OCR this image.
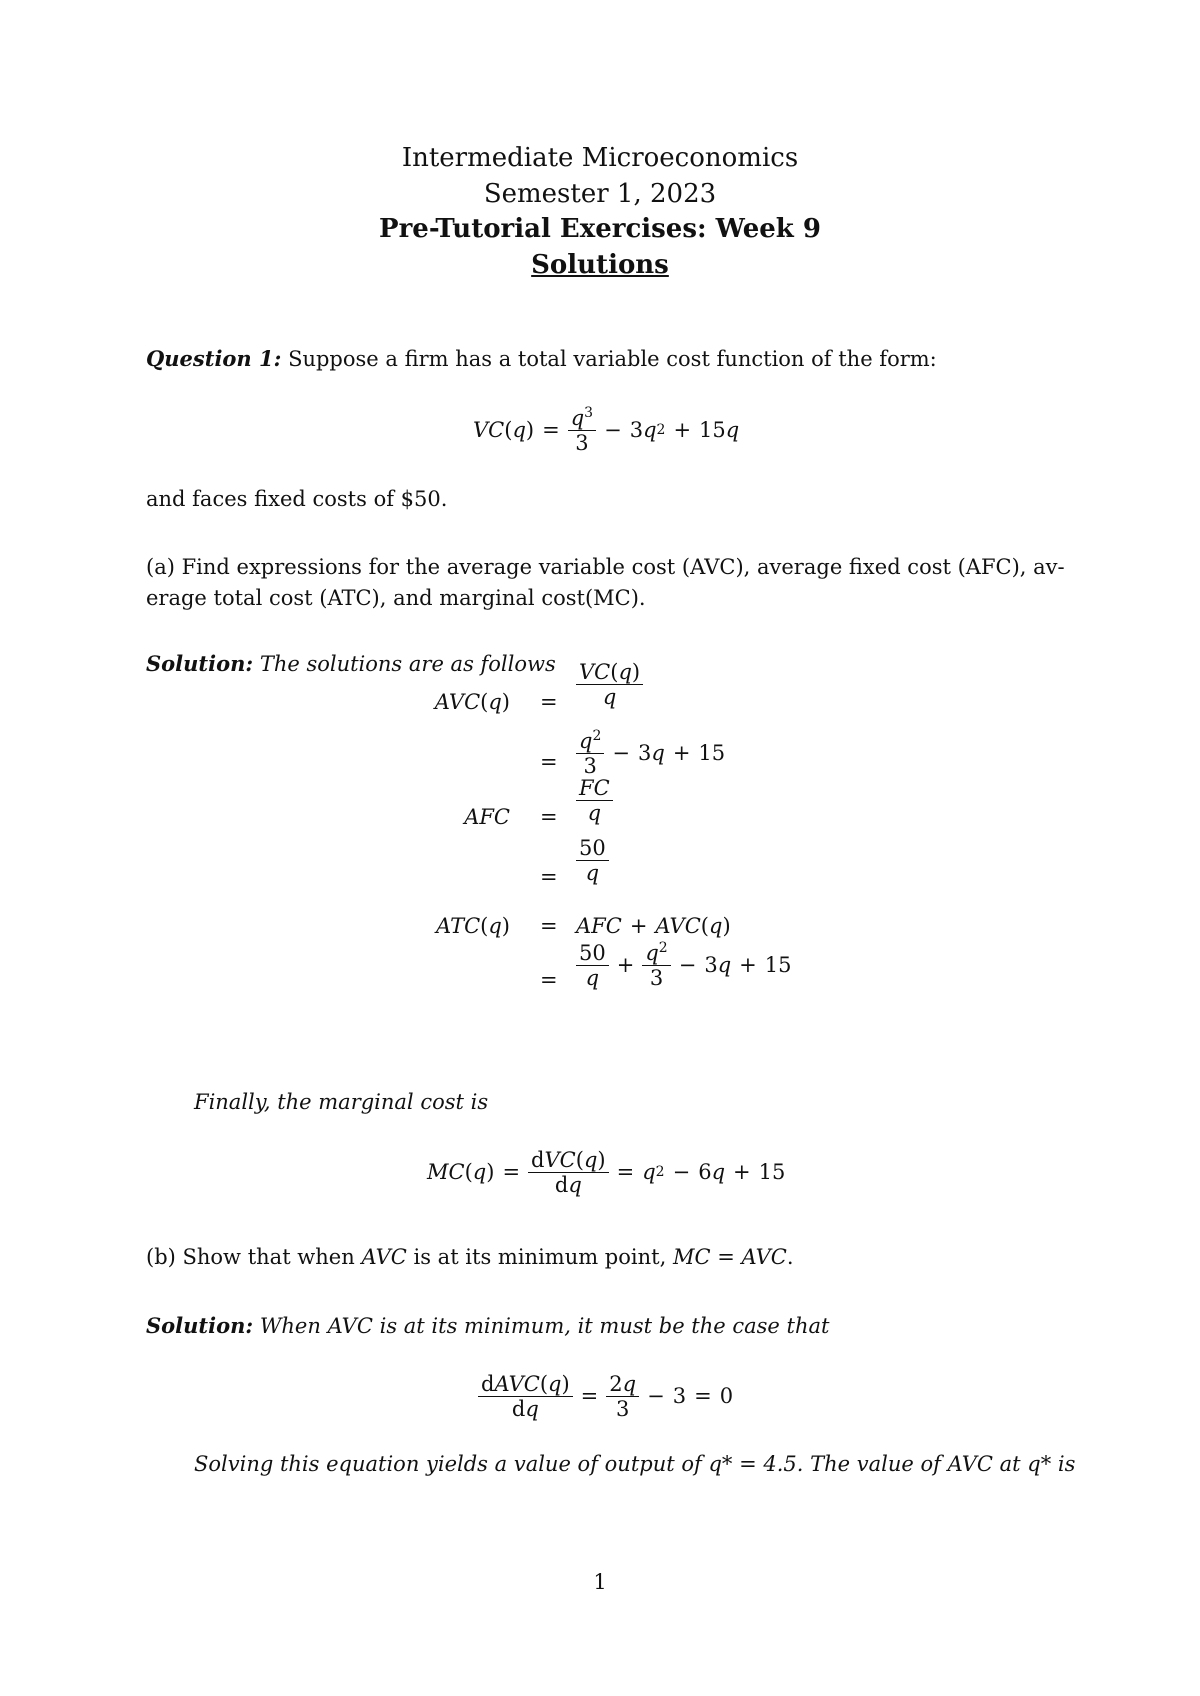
Intermediate Microeconomics
Semester 1, 2023
Pre-Tutorial Exercises: Week 9
Solutions
Question 1: Suppose a firm has a total variable cost function of the form:
VC ( q ) = $\frac{q^3}{3} - 3$ q 2 + 15 q
and faces fixed costs of $50.
(a) Find expressions for the average variable cost (AVC), average fixed cost (AFC), av-
erage total cost (ATC), and marginal cost(MC).
Solution: The solutions are as follows
$AVC(q) = \frac{VC(q)}{q}$
= $\frac{q^2}{3} - 3$ q + 15
AFC = $\frac{FC}{q}$
= $\frac{50}{q}$
ATC(q) = AFC + AVC ( q )
= $\frac{50}{q} + \frac{q^2}{3} - 3$ q + 15
Finally, the marginal cost is
MC ( q ) = $\frac{\text{dVC(q)}}{dq} = q$ 2 − 6 q + 15
(b) Show that when AVC is at its minimum point, MC = AVC.
Solution: When AVC is at its minimum, it must be the case that
$\frac{\text{dAVC(q)}}{dq} = \frac{2q}{3} - 3 = 0$
Solving this equation yields a value of output of q* = 4.5. The value of AVC at q* is
1
